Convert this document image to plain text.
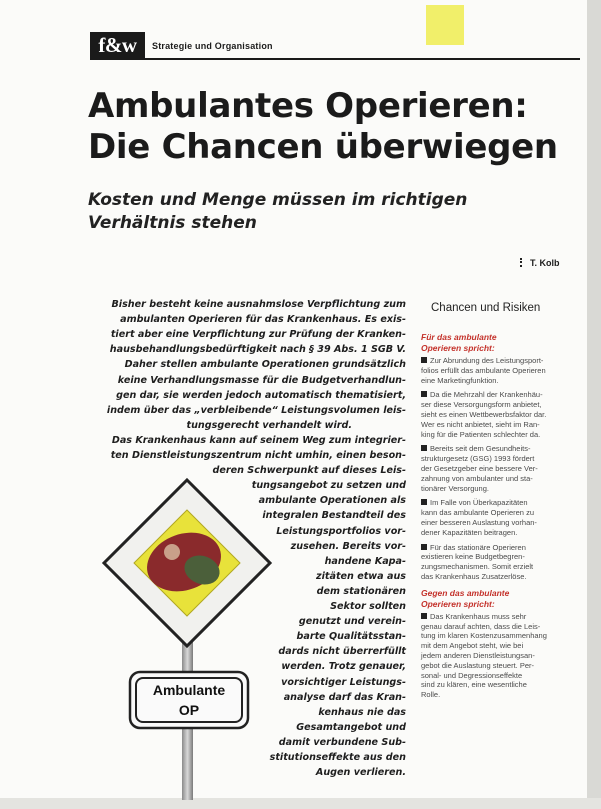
f&w	Strategie und Organisation
Ambulantes Operieren: Die Chancen überwiegen
Kosten und Menge müssen im richtigen Verhältnis stehen
T. Kolb

Bisher besteht keine ausnahmslose Verpflichtung zum

ambulanten Operieren für das Krankenhaus. Es exis-

tiert aber eine Verpflichtung zur Prüfung der Kranken-

hausbehandlungsbedürftigkeit nach § 39 Abs. 1 SGB V.

Daher stellen ambulante Operationen grundsätzlich

keine Verhandlungsmasse für die Budgetverhandlun-

gen dar, sie werden jedoch automatisch thematisiert,

indem über das „verbleibende“ Leistungsvolumen leis-

tungsgerecht verhandelt wird.

Das Krankenhaus kann auf seinem Weg zum integrier-

ten Dienstleistungszentrum nicht umhin, einen beson-

deren Schwerpunkt auf dieses Leis-

tungsangebot zu setzen und

ambulante Operationen als

integralen Bestandteil des

Leistungsportfolios vor-

zusehen. Bereits vor-

handene Kapa-

zitäten etwa aus

dem stationären

Sektor sollten

genutzt und verein-

barte Qualitätsstan-

dards nicht überrerfüllt

werden. Trotz genauer,

vorsichtiger Leistungs-

analyse darf das Kran-

kenhaus nie das

Gesamtangebot und

damit verbundene Sub-

stitutionseffekte aus den

Augen verlieren.

Ambulante
OP
Chancen und Risiken

Für das ambulante

Operieren spricht:

Zur Abrundung des Leistungsport-

folios erfüllt das ambulante Operieren

eine Marketingfunktion.

Da die Mehrzahl der Krankenhäu-

ser diese Versorgungsform anbietet,

sieht es einen Wettbewerbsfaktor dar.

Wer es nicht anbietet, sieht im Ran-

king für die Patienten schlechter da.

Bereits seit dem Gesundheits-

strukturgesetz (GSG) 1993 fördert

der Gesetzgeber eine bessere Ver-

zahnung von ambulanter und sta-

tionärer Versorgung.

Im Falle von Überkapazitäten

kann das ambulante Operieren zu

einer besseren Auslastung vorhan-

dener Kapazitäten beitragen.

Für das stationäre Operieren

existieren keine Budgetbegren-

zungsmechanismen. Somit erzielt

das Krankenhaus Zusatzerlöse.

Gegen das ambulante

Operieren spricht:

Das Krankenhaus muss sehr

genau darauf achten, dass die Leis-

tung im klaren Kostenzusammenhang

mit dem Angebot steht, wie bei

jedem anderen Dienstleistungsan-

gebot die Auslastung steuert. Per-

sonal- und Degressionseffekte

sind zu klären, eine wesentliche

Rolle.
